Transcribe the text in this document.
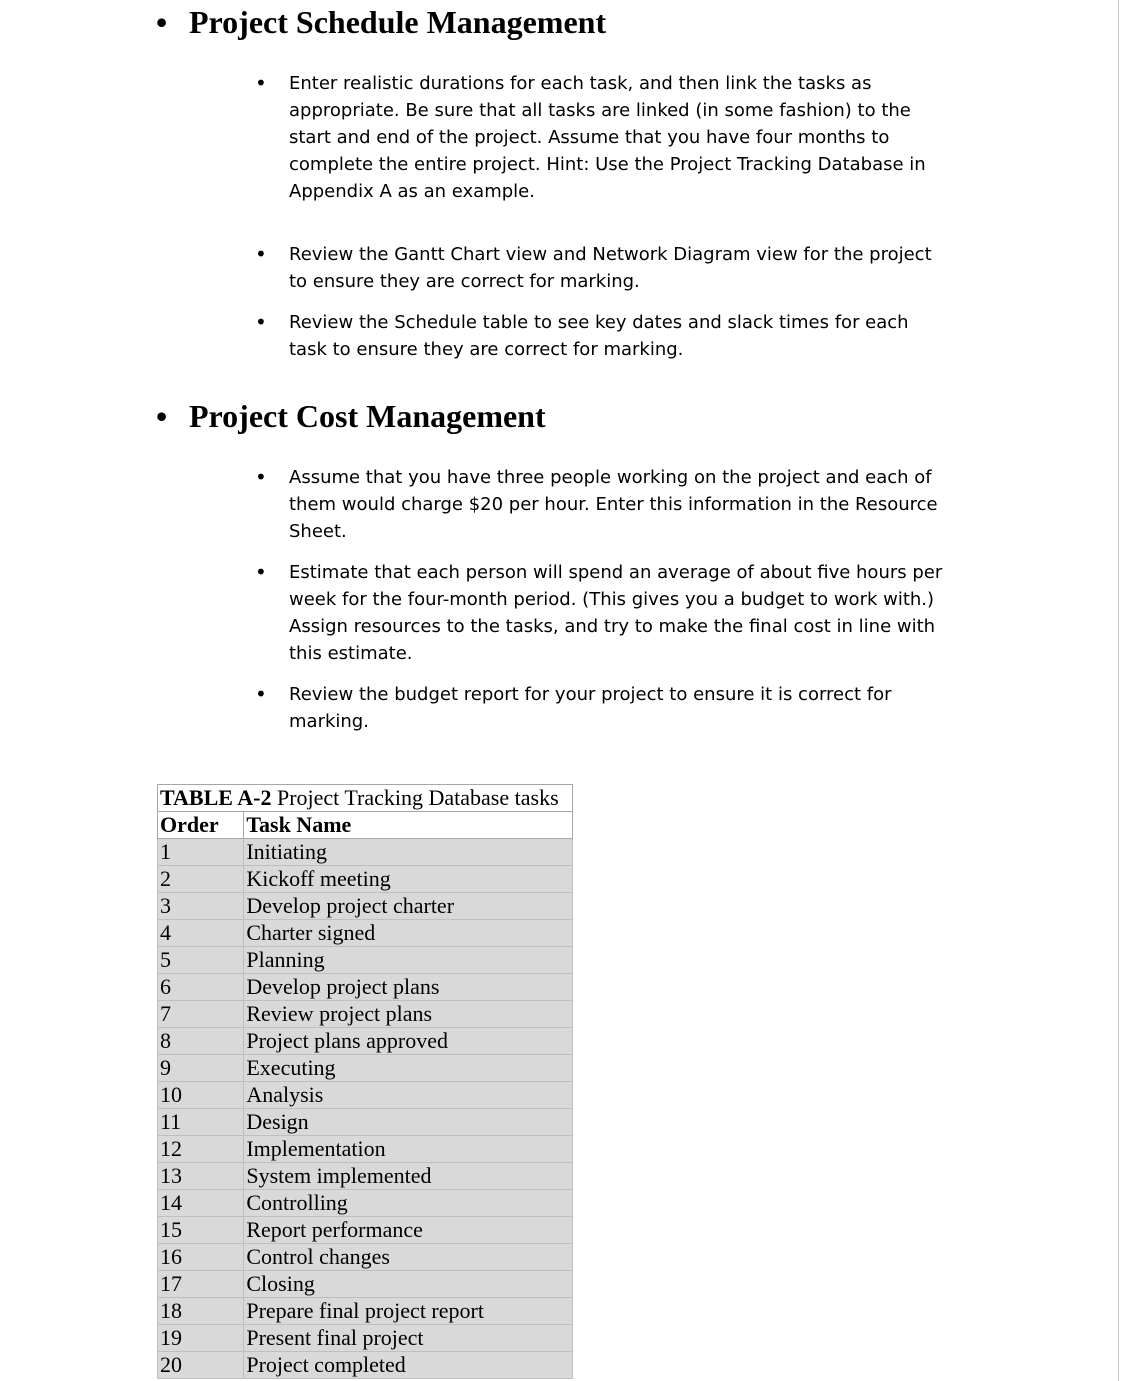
• Project Schedule Management
• Enter realistic durations for each task, and then link the tasks as appropriate. Be sure that all tasks are linked (in some fashion) to the start and end of the project. Assume that you have four months to complete the entire project. Hint: Use the Project Tracking Database in Appendix A as an example.
• Review the Gantt Chart view and Network Diagram view for the project to ensure they are correct for marking.
• Review the Schedule table to see key dates and slack times for each task to ensure they are correct for marking.
• Project Cost Management
• Assume that you have three people working on the project and each of them would charge $20 per hour. Enter this information in the Resource Sheet.
• Estimate that each person will spend an average of about five hours per week for the four-month period. (This gives you a budget to work with.) Assign resources to the tasks, and try to make the final cost in line with this estimate.
• Review the budget report for your project to ensure it is correct for marking.
TABLE A-2 Project Tracking Database tasks	
Order	Task Name
1	Initiating
2	Kickoff meeting
3	Develop project charter
4	Charter signed
5	Planning
6	Develop project plans
7	Review project plans
8	Project plans approved
9	Executing
10	Analysis
11	Design
12	Implementation
13	System implemented
14	Controlling
15	Report performance
16	Control changes
17	Closing
18	Prepare final project report
19	Present final project
20	Project completed
